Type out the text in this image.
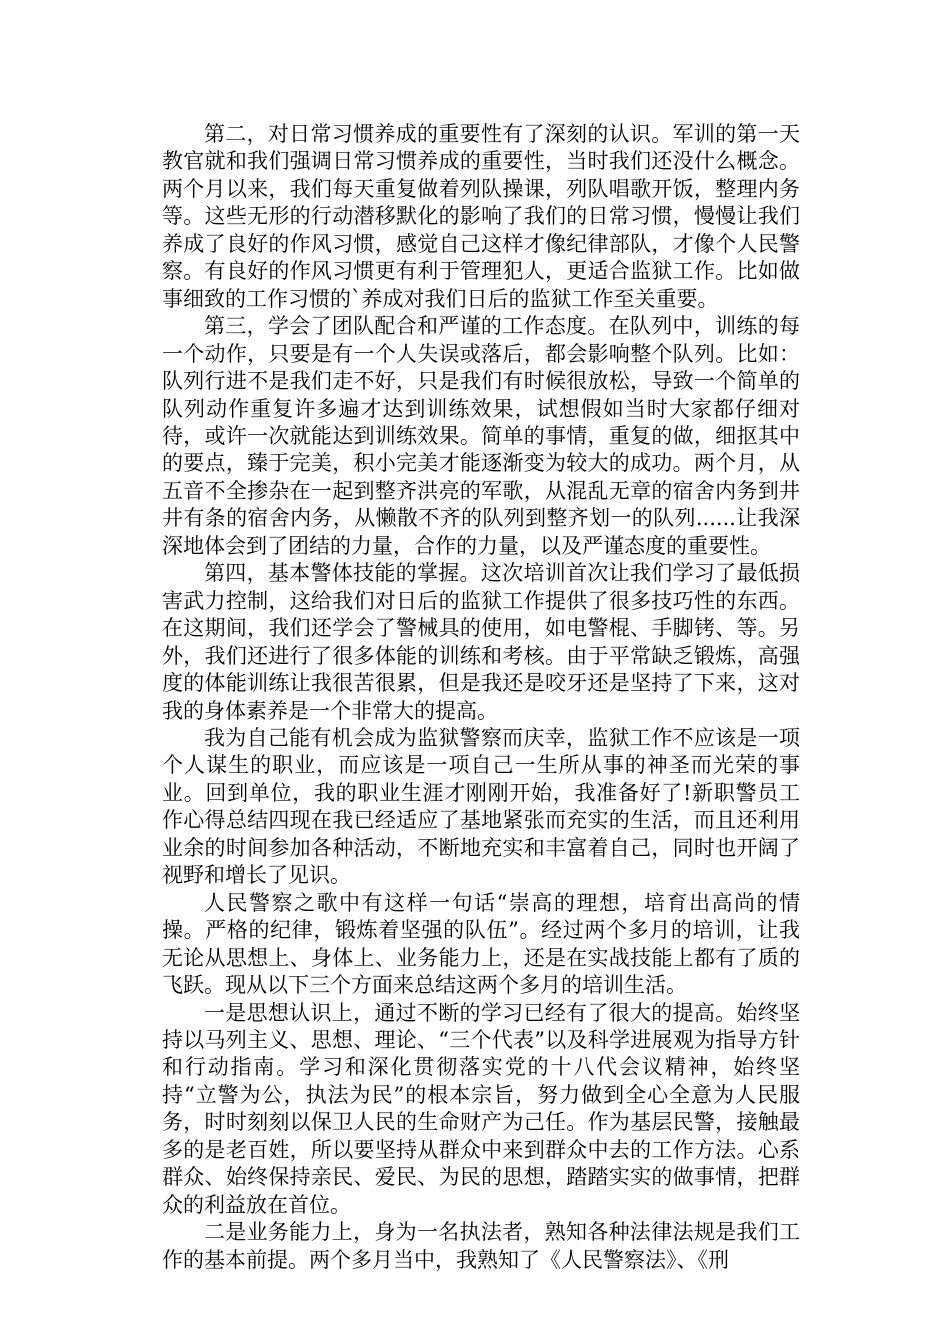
第二，对日常习惯养成的重要性有了深刻的认识。军训的第一天教官就和我们强调日常习惯养成的重要性，当时我们还没什么概念。两个月以来，我们每天重复做着列队操课，列队唱歌开饭，整理内务等。这些无形的行动潜移默化的影响了我们的日常习惯，慢慢让我们养成了良好的作风习惯，感觉自己这样才像纪律部队，才像个人民警察。有良好的作风习惯更有利于管理犯人，更适合监狱工作。比如做事细致的工作习惯的`养成对我们日后的监狱工作至关重要。

第三，学会了团队配合和严谨的工作态度。在队列中，训练的每一个动作，只要是有一个人失误或落后，都会影响整个队列。比如：队列行进不是我们走不好，只是我们有时候很放松，导致一个简单的队列动作重复许多遍才达到训练效果，试想假如当时大家都仔细对待，或许一次就能达到训练效果。简单的事情，重复的做，细抠其中的要点，臻于完美，积小完美才能逐渐变为较大的成功。两个月，从五音不全掺杂在一起到整齐洪亮的军歌，从混乱无章的宿舍内务到井井有条的宿舍内务，从懒散不齐的队列到整齐划一的队列......让我深深地体会到了团结的力量，合作的力量，以及严谨态度的重要性。

第四，基本警体技能的掌握。这次培训首次让我们学习了最低损害武力控制，这给我们对日后的监狱工作提供了很多技巧性的东西。在这期间，我们还学会了警械具的使用，如电警棍、手脚铐、等。另外，我们还进行了很多体能的训练和考核。由于平常缺乏锻炼，高强度的体能训练让我很苦很累，但是我还是咬牙还是坚持了下来，这对我的身体素养是一个非常大的提高。

我为自己能有机会成为监狱警察而庆幸，监狱工作不应该是一项个人谋生的职业，而应该是一项自己一生所从事的神圣而光荣的事业。回到单位，我的职业生涯才刚刚开始，我准备好了!新职警员工作心得总结四现在我已经适应了基地紧张而充实的生活，而且还利用业余的时间参加各种活动，不断地充实和丰富着自己，同时也开阔了视野和增长了见识。

人民警察之歌中有这样一句话“崇高的理想，培育出高尚的情操。严格的纪律，锻炼着坚强的队伍”。经过两个多月的培训，让我无论从思想上、身体上、业务能力上，还是在实战技能上都有了质的飞跃。现从以下三个方面来总结这两个多月的培训生活。

一是思想认识上，通过不断的学习已经有了很大的提高。始终坚持以马列主义、思想、理论、“三个代表”以及科学进展观为指导方针和行动指南。学习和深化贯彻落实党的十八代会议精神，始终坚持“立警为公，执法为民”的根本宗旨，努力做到全心全意为人民服务，时时刻刻以保卫人民的生命财产为己任。作为基层民警，接触最多的是老百姓，所以要坚持从群众中来到群众中去的工作方法。心系群众、始终保持亲民、爱民、为民的思想，踏踏实实的做事情，把群众的利益放在首位。

二是业务能力上，身为一名执法者，熟知各种法律法规是我们工作的基本前提。两个多月当中，我熟知了《人民警察法》、《刑
